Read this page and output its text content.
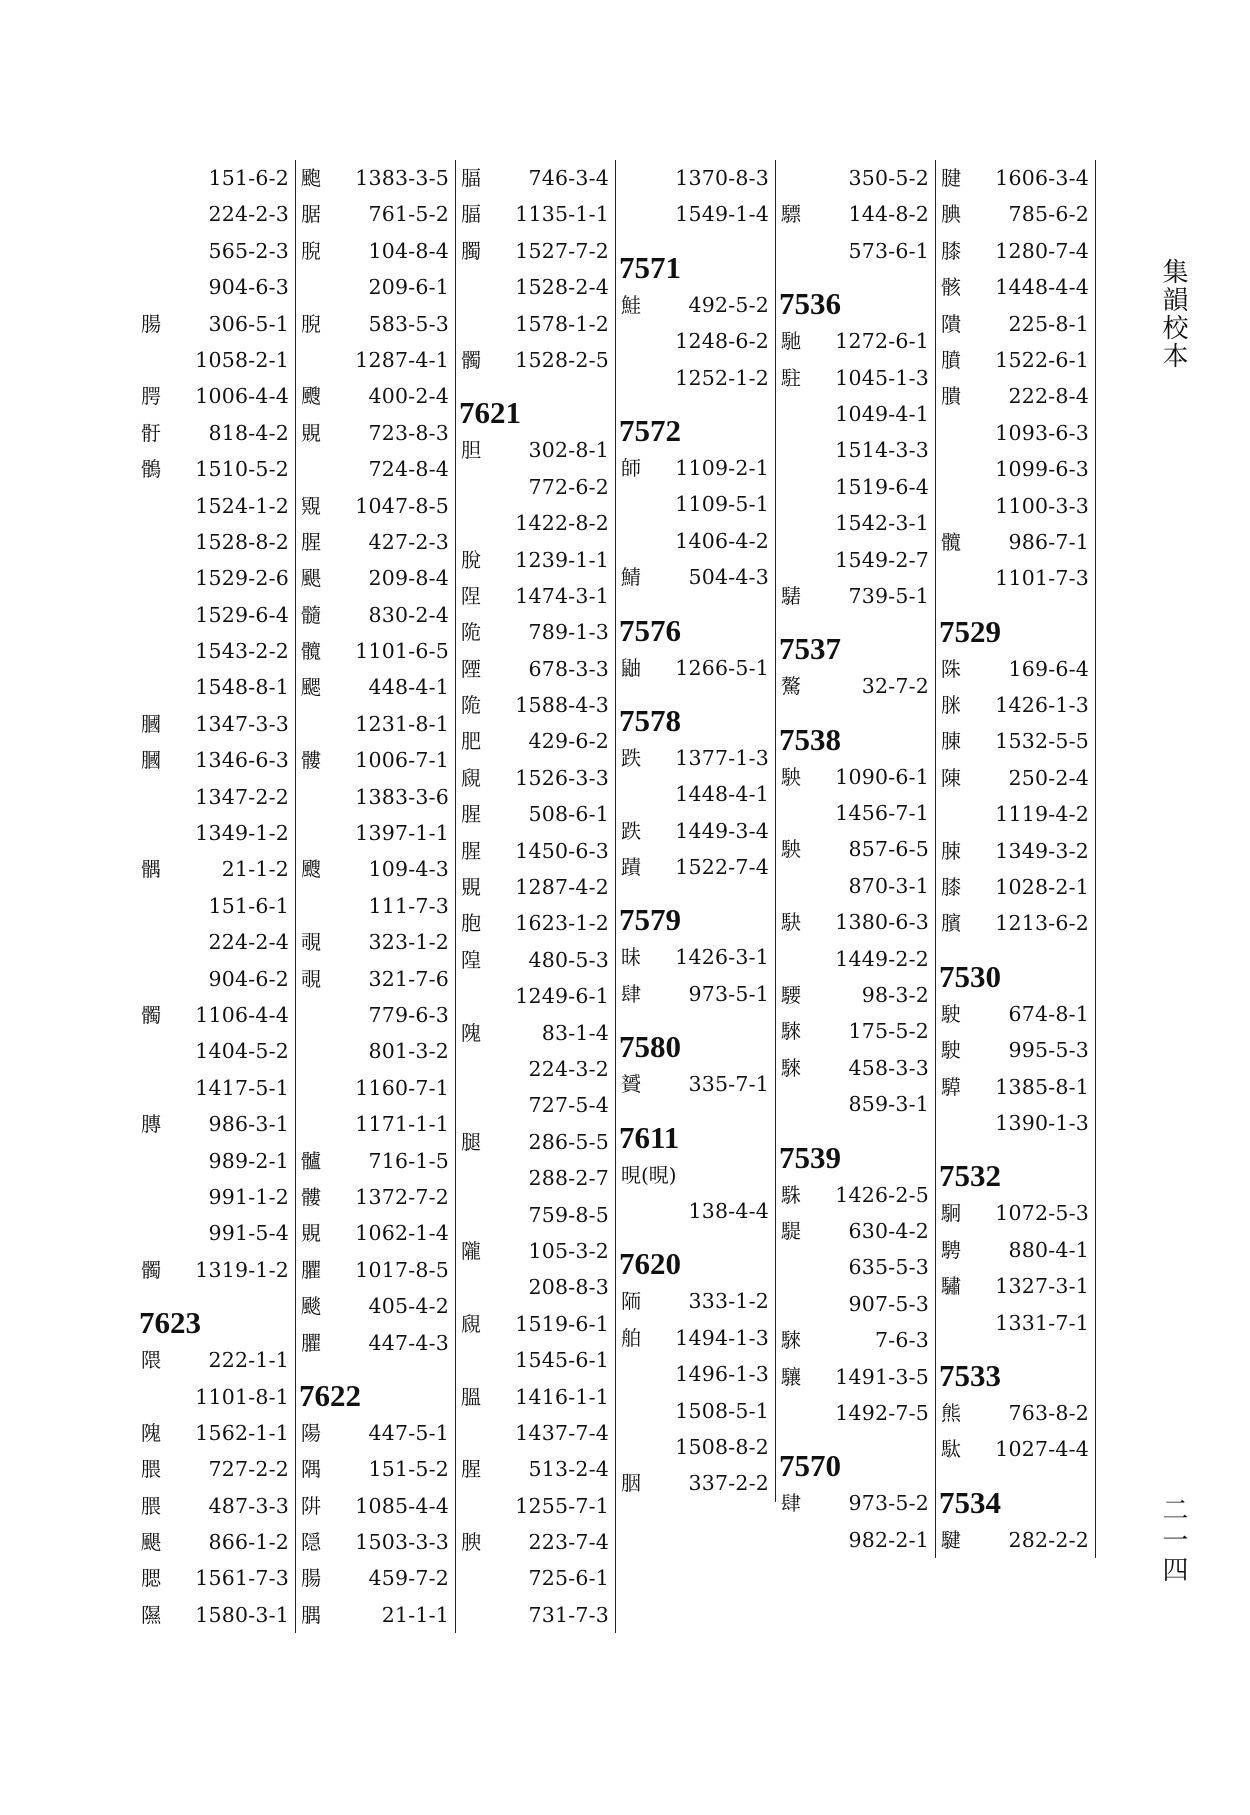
151-6-2
224-2-3
565-2-3
904-6-3
腸 306-5-1
1058-2-1
腭 1006-4-4
骬 818-4-2
鶻 1510-5-2
1524-1-2
1528-8-2
1529-2-6
1529-6-4
1543-2-2
1548-8-1
膕 1347-3-3
膕 1346-6-3
1347-2-2
1349-1-2
髃	21-1-2
151-6-1
224-2-4
904-6-2
髑 1106-4-4
1404-5-2
1417-5-1
膞 986-3-1
989-2-1
991-1-2
991-5-4
髑 1319-1-2
7623
隈 222-1-1
1101-8-1
隗 1562-1-1
腲 727-2-2
腲 487-3-3
颶 866-1-2
腮 1561-7-3
隰 1580-3-1
颮 1383-3-5
腒 761-5-2
腉 104-8-4
209-6-1
腉 583-5-3
1287-4-1
颼 400-2-4
覞 723-8-3
724-8-4
覭 1047-8-5
腥 427-2-3
颶 209-8-4
髓 830-2-4
髖 1101-6-5
颸 448-4-1
1231-8-1
髏 1006-7-1
1383-3-6
1397-1-1
颼 109-4-3
111-7-3
覗 323-1-2
覗 321-7-6
779-6-3
801-3-2
1160-7-1
1171-1-1
髗 716-1-5
髏 1372-7-2
覞 1062-1-4
臞 1017-8-5
颷 405-4-2
臞 447-4-3
7622
陽 447-5-1
隅 151-5-2
阱 1085-4-4
隠 1503-3-3
腸 459-7-2
腢	21-1-1
腷 746-3-4
腷 1135-1-1
臅 1527-7-2
1528-2-4
1578-1-2
髑 1528-2-5
7621
胆 302-8-1
772-6-2
1422-8-2
脫 1239-1-1
陧 1474-3-1
陒 789-1-3
陻 678-3-3
陒 1588-4-3
肥 429-6-2
覛 1526-3-3
腥 508-6-1
腥 1450-6-3
覞 1287-4-2
胞 1623-1-2
隍 480-5-3
1249-6-1
隗	83-1-4
224-3-2
727-5-4
腿 286-5-5
288-2-7
759-8-5
隴 105-3-2
208-8-3
覛 1519-6-1
1545-6-1
膃 1416-1-1
1437-7-4
腥 513-2-4
1255-7-1
腴 223-7-4
725-6-1
731-7-3
1370-8-3
1549-1-4
7571
鮭 492-5-2
1248-6-2
1252-1-2
7572
師 1109-2-1
1109-5-1
1406-4-2
鯖 504-4-3
7576
鼬 1266-5-1
7578
跌 1377-1-3
1448-4-1
跌 1449-3-4
蹟 1522-7-4
7579
昧 1426-3-1
肆 973-5-1
7580
贇 335-7-1
7611
晛(晛)
138-4-4
7620
陑 333-1-2
舶 1494-1-3
1496-1-3
1508-5-1
1508-8-2
胭 337-2-2
350-5-2
驃 144-8-2
573-6-1
7536
馳 1272-6-1
駐 1045-1-3
1049-4-1
1514-3-3
1519-6-4
1542-3-1
1549-2-7
騞 739-5-1
7537
驁	32-7-2
7538
駚 1090-6-1
1456-7-1
駚 857-6-5
870-3-1
駃 1380-6-3
1449-2-2
騕	98-3-2
騋 175-5-2
騋 458-3-3
859-3-1
7539
駯 1426-2-5
騠 630-4-2
635-5-3
907-5-3
騋	7-6-3
驤 1491-3-5
1492-7-5
7570
肆 973-5-2
982-2-1
腱 1606-3-4
腆 785-6-2
膝 1280-7-4
骸 1448-4-4
隤 225-8-1
膹 1522-6-1
膭 222-8-4
1093-6-3
1099-6-3
1100-3-3
髖 986-7-1
1101-7-3
7529
陎 169-6-4
脒 1426-1-3
腖 1532-5-5
陳 250-2-4
1119-4-2
脨 1349-3-2
膝 1028-2-1
臏 1213-6-2
7530
駛 674-8-1
駛 995-5-3
騲 1385-8-1
1390-1-3
7532
駉 1072-5-3
騁 880-4-1
驌 1327-3-1
1331-7-1
7533
熊 763-8-2
駄 1027-4-4
7534
騝 282-2-2
集韻校本
二一四
